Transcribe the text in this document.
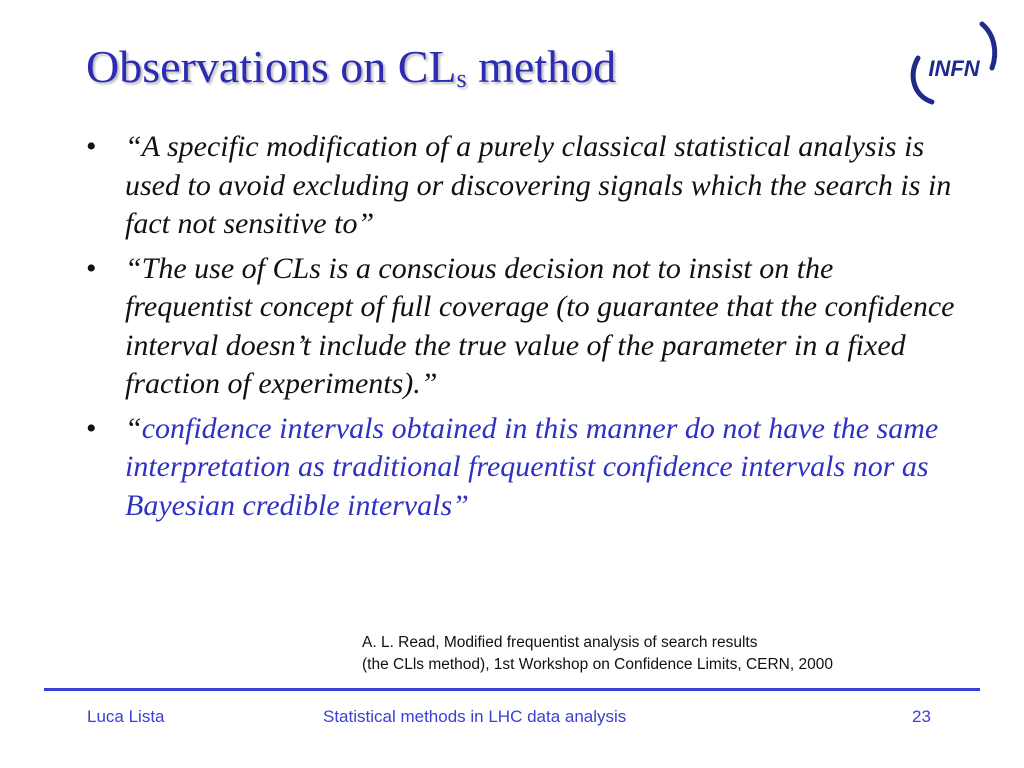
Observations on $CL_s$ method	INFN
• “A specific modification of a purely classical statistical analysis is used to avoid excluding or discovering signals which the search is in fact not sensitive to”
• “The use of CLs is a conscious decision not to insist on the frequentist concept of full coverage (to guarantee that the confidence interval doesn’t include the true value of the parameter in a fixed fraction of experiments).”
• “confidence intervals obtained in this manner do not have the same interpretation as traditional frequentist confidence intervals nor as Bayesian credible intervals”
A. L. Read, Modified frequentist analysis of search results
(the CLls method), 1st Workshop on Confidence Limits, CERN, 2000
Luca Lista	Statistical methods in LHC data analysis	23
